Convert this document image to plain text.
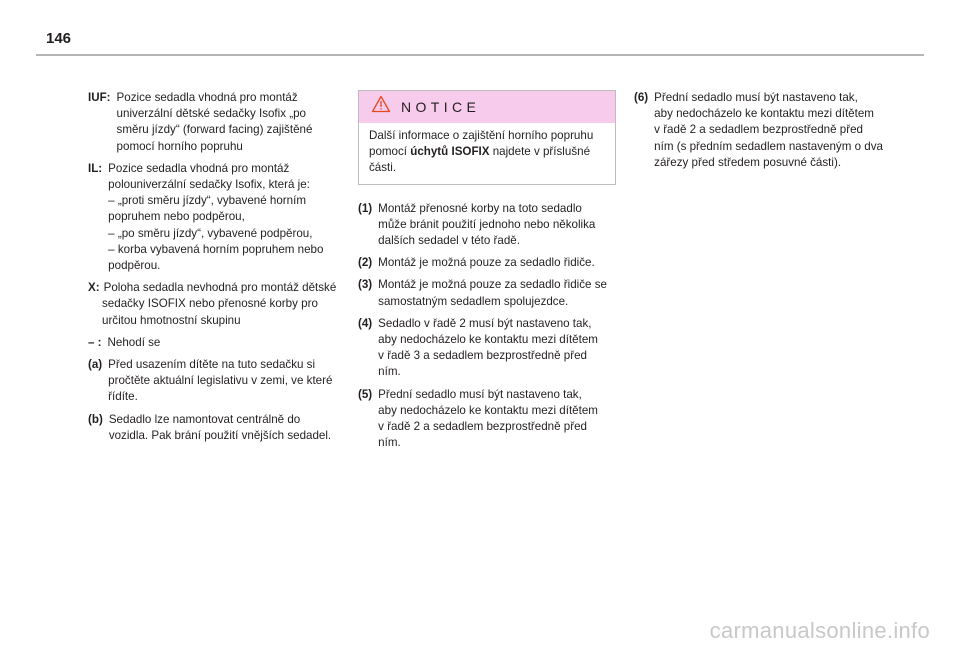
146
IUF: Pozice sedadla vhodná pro montáž
univerzální dětské sedačky Isofix „po
směru jízdy“ (forward facing) zajištěné
pomocí horního popruhu
IL: Pozice sedadla vhodná pro montáž
polouniverzální sedačky Isofix, která je:
– „proti směru jízdy“, vybavené horním
popruhem nebo podpěrou,
– „po směru jízdy“, vybavené podpěrou,
– korba vybavená horním popruhem nebo
podpěrou.
X: Poloha sedadla nevhodná pro montáž dětské
sedačky ISOFIX nebo přenosné korby pro
určitou hmotnostní skupinu
– : Nehodí se
(a) Před usazením dítěte na tuto sedačku si
pročtěte aktuální legislativu v zemi, ve které
řídíte.
(b) Sedadlo lze namontovat centrálně do
vozidla. Pak brání použití vnějších sedadel.
NOTICE
Další informace o zajištění horního popruhu
pomocí úchytů ISOFIX najdete v příslušné
části.
(1) Montáž přenosné korby na toto sedadlo
může bránit použití jednoho nebo několika
dalších sedadel v této řadě.
(2) Montáž je možná pouze za sedadlo řidiče.
(3) Montáž je možná pouze za sedadlo řidiče se
samostatným sedadlem spolujezdce.
(4) Sedadlo v řadě 2 musí být nastaveno tak,
aby nedocházelo ke kontaktu mezi dítětem
v řadě 3 a sedadlem bezprostředně před
ním.
(5) Přední sedadlo musí být nastaveno tak,
aby nedocházelo ke kontaktu mezi dítětem
v řadě 2 a sedadlem bezprostředně před
ním.
(6) Přední sedadlo musí být nastaveno tak,
aby nedocházelo ke kontaktu mezi dítětem
v řadě 2 a sedadlem bezprostředně před
ním (s předním sedadlem nastaveným o dva
zářezy před středem posuvné části).
carmanualsonline.info
